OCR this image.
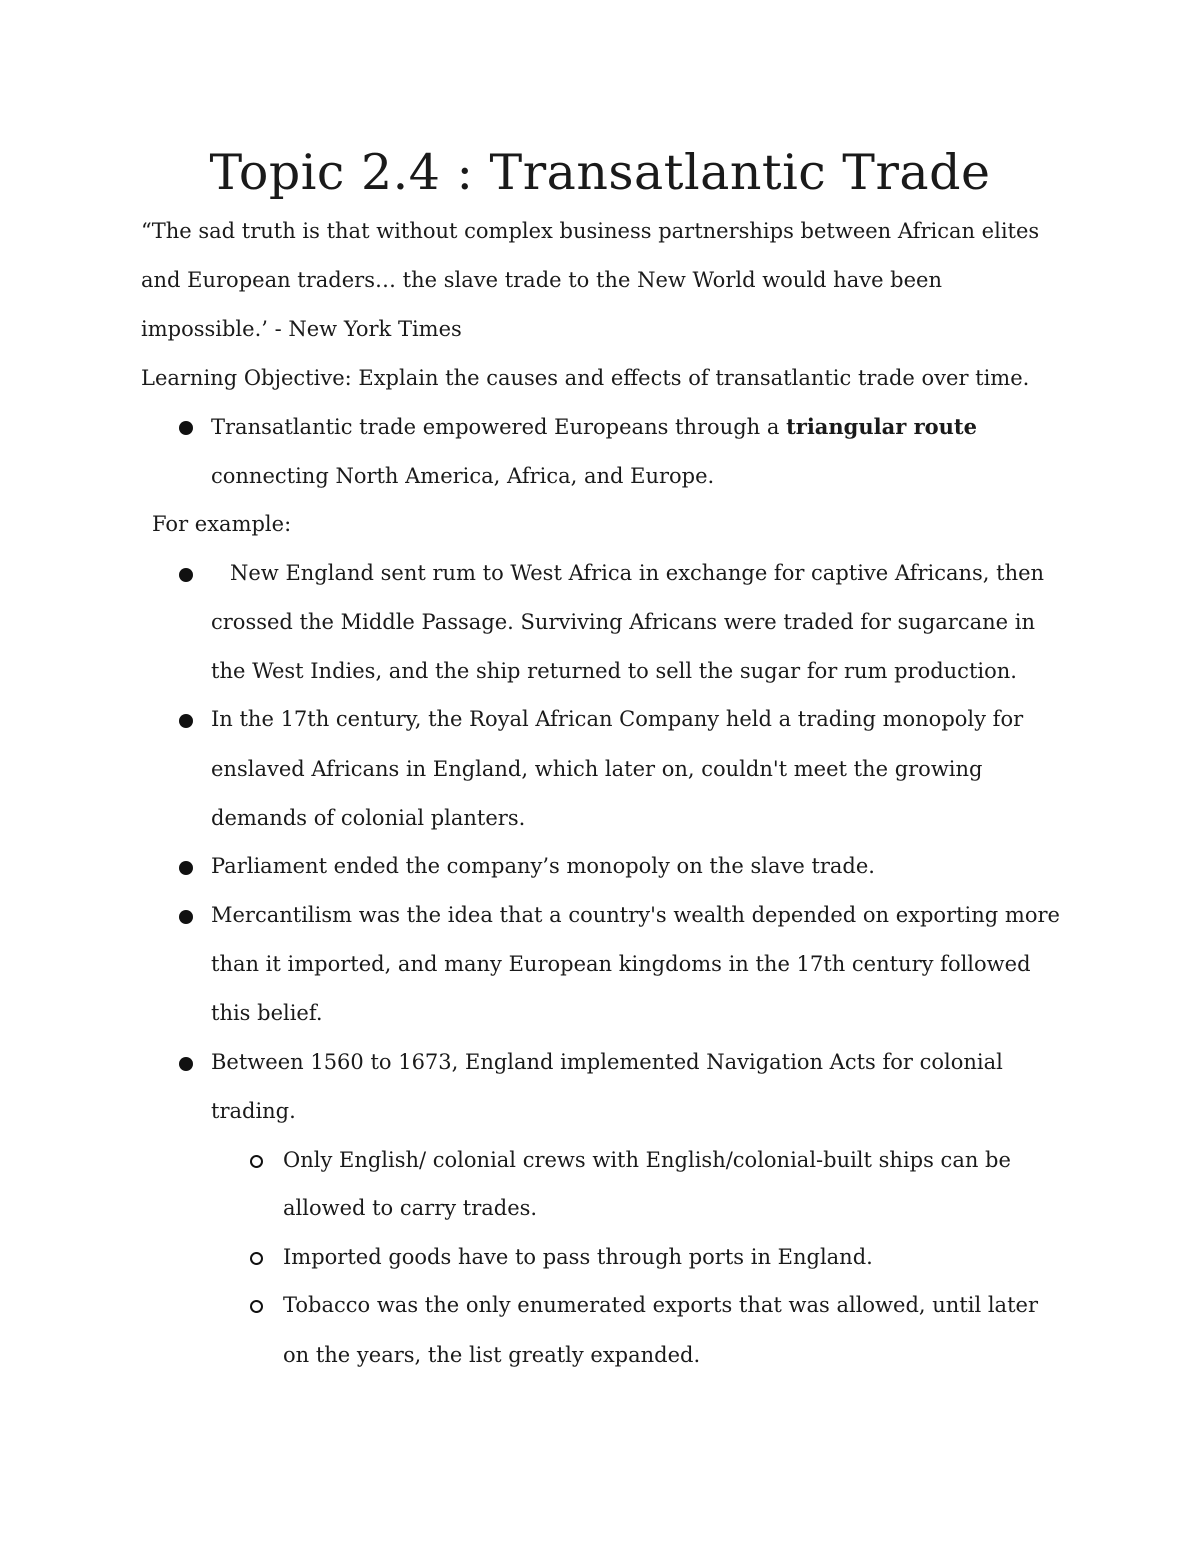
Topic 2.4 : Transatlantic Trade

“The sad truth is that without complex business partnerships between African elites

and European traders… the slave trade to the New World would have been

impossible.’ - New York Times

Learning Objective: Explain the causes and effects of transatlantic trade over time.

Transatlantic trade empowered Europeans through a triangular route

connecting North America, Africa, and Europe.

For example:

New England sent rum to West Africa in exchange for captive Africans, then

crossed the Middle Passage. Surviving Africans were traded for sugarcane in

the West Indies, and the ship returned to sell the sugar for rum production.

In the 17th century, the Royal African Company held a trading monopoly for

enslaved Africans in England, which later on, couldn't meet the growing

demands of colonial planters.

Parliament ended the company’s monopoly on the slave trade.

Mercantilism was the idea that a country's wealth depended on exporting more

than it imported, and many European kingdoms in the 17th century followed

this belief.

Between 1560 to 1673, England implemented Navigation Acts for colonial

trading.

Only English/ colonial crews with English/colonial-built ships can be

allowed to carry trades.

Imported goods have to pass through ports in England.

Tobacco was the only enumerated exports that was allowed, until later

on the years, the list greatly expanded.
